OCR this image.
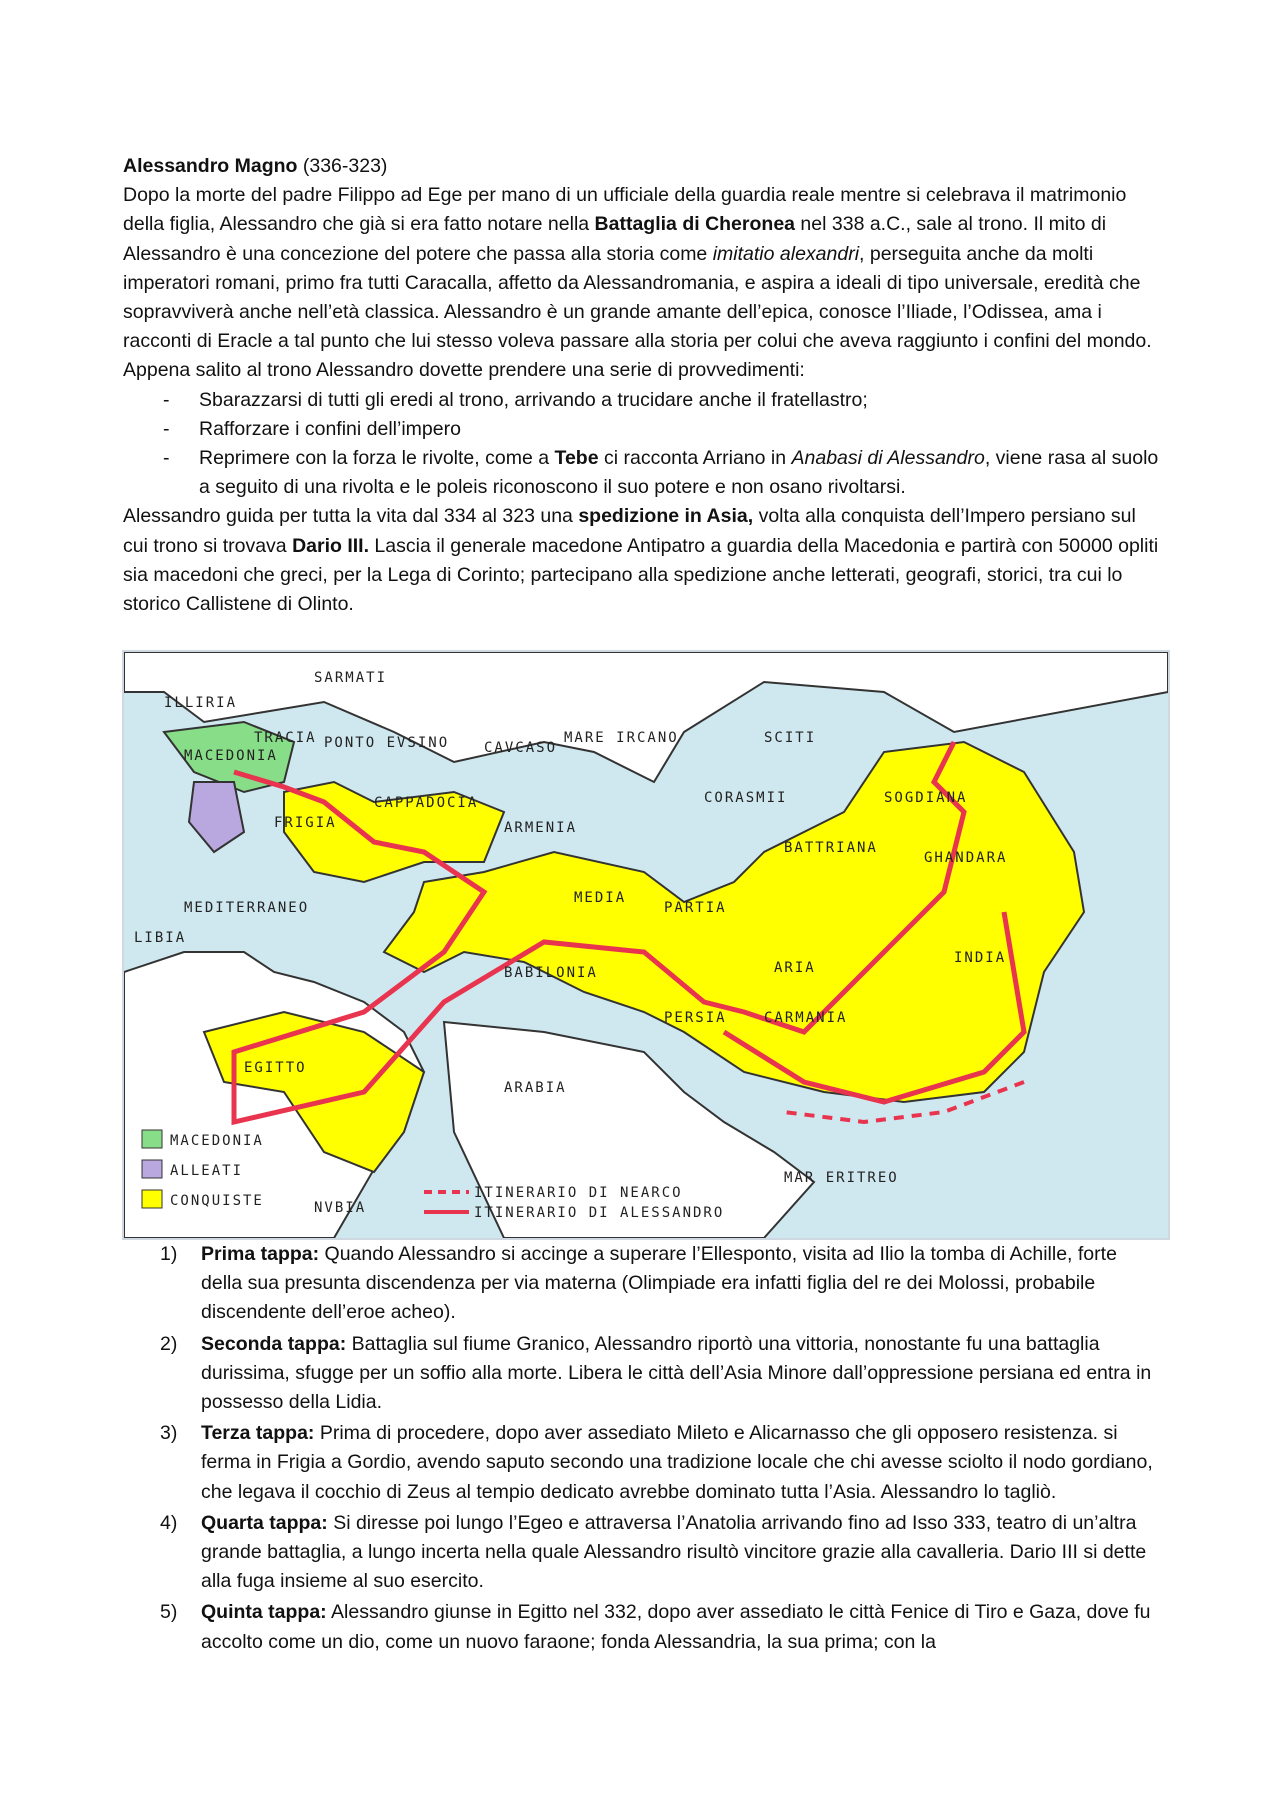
Alessandro Magno (336-323)
Dopo la morte del padre Filippo ad Ege per mano di un ufficiale della guardia reale mentre si celebrava il matrimonio della figlia, Alessandro che già si era fatto notare nella Battaglia di Cheronea nel 338 a.C., sale al trono. Il mito di Alessandro è una concezione del potere che passa alla storia come imitatio alexandri, perseguita anche da molti imperatori romani, primo fra tutti Caracalla, affetto da Alessandromania, e aspira a ideali di tipo universale, eredità che sopravviverà anche nell’età classica. Alessandro è un grande amante dell’epica, conosce l’Iliade, l’Odissea, ama i racconti di Eracle a tal punto che lui stesso voleva passare alla storia per colui che aveva raggiunto i confini del mondo. Appena salito al trono Alessandro dovette prendere una serie di provvedimenti:

- Sbarazzarsi di tutti gli eredi al trono, arrivando a trucidare anche il fratellastro;
- Rafforzare i confini dell’impero
- Reprimere con la forza le rivolte, come a Tebe ci racconta Arriano in Anabasi di Alessandro, viene rasa al suolo a seguito di una rivolta e le poleis riconoscono il suo potere e non osano rivoltarsi.

Alessandro guida per tutta la vita dal 334 al 323 una spedizione in Asia, volta alla conquista dell’Impero persiano sul cui trono si trovava Dario III. Lascia il generale macedone Antipatro a guardia della Macedonia e partirà con 50000 opliti sia macedoni che greci, per la Lega di Corinto; partecipano alla spedizione anche letterati, geografi, storici, tra cui lo storico Callistene di Olinto.

SARMATI
ILLIRIA
TRACIA
MACEDONIA
PONTO EVSINO CAVCASO
MARE IRCANO	SCITI
CORASMII	SOGDIANA
FRIGIA
CAPPADOCIA
ARMENIA
BATTRIANA
GHANDARA
MEDITERRANEO
MEDIA
PARTIA
LIBIA
ARIA
INDIA
BABILONIA
PERSIA	CARMANIA
EGITTO
ARABIA
MAR ERITREO
NVBIA
MACEDONIA
ALLEATI
CONQUISTE	ITINERARIO DI NEARCO
ITINERARIO DI ALESSANDRO
1) Prima tappa: Quando Alessandro si accinge a superare l’Ellesponto, visita ad Ilio la tomba di Achille, forte della sua presunta discendenza per via materna (Olimpiade era infatti figlia del re dei Molossi, probabile discendente dell’eroe acheo).
2) Seconda tappa: Battaglia sul fiume Granico, Alessandro riportò una vittoria, nonostante fu una battaglia durissima, sfugge per un soffio alla morte. Libera le città dell’Asia Minore dall’oppressione persiana ed entra in possesso della Lidia.
3) Terza tappa: Prima di procedere, dopo aver assediato Mileto e Alicarnasso che gli opposero resistenza. si ferma in Frigia a Gordio, avendo saputo secondo una tradizione locale che chi avesse sciolto il nodo gordiano, che legava il cocchio di Zeus al tempio dedicato avrebbe dominato tutta l’Asia. Alessandro lo tagliò.
4) Quarta tappa: Si diresse poi lungo l’Egeo e attraversa l’Anatolia arrivando fino ad Isso 333, teatro di un’altra grande battaglia, a lungo incerta nella quale Alessandro risultò vincitore grazie alla cavalleria. Dario III si dette alla fuga insieme al suo esercito.
5) Quinta tappa: Alessandro giunse in Egitto nel 332, dopo aver assediato le città Fenice di Tiro e Gaza, dove fu accolto come un dio, come un nuovo faraone; fonda Alessandria, la sua prima; con la
